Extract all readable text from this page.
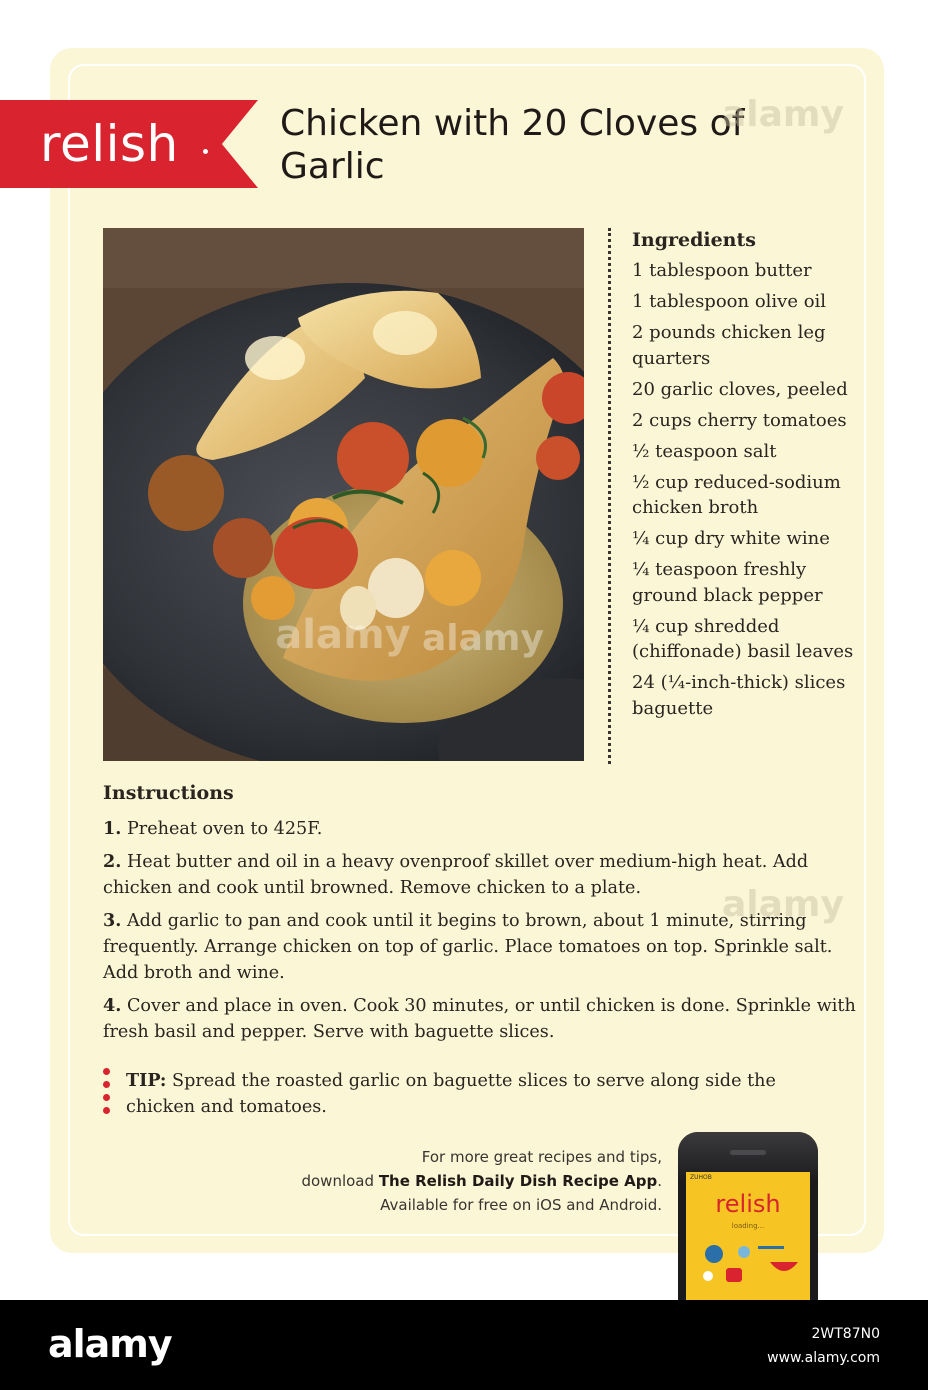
relish	Chicken with 20 Cloves of Garlic
alamy
Ingredients
1 tablespoon butter
1 tablespoon olive oil
2 pounds chicken leg quarters
20 garlic cloves, peeled
2 cups cherry tomatoes
½ teaspoon salt
½ cup reduced-sodium chicken broth
¼ cup dry white wine
¼ teaspoon freshly ground black pepper
¼ cup shredded (chiffonade) basil leaves
24 (¼-inch-thick) slices baguette
Instructions
1. Preheat oven to 425F.
2. Heat butter and oil in a heavy ovenproof skillet over medium-high heat. Add chicken and cook until browned. Remove chicken to a plate.
3. Add garlic to pan and cook until it begins to brown, about 1 minute, stirring frequently. Arrange chicken on top of garlic. Place tomatoes on top. Sprinkle salt. Add broth and wine.
4. Cover and place in oven. Cook 30 minutes, or until chicken is done. Sprinkle with fresh basil and pepper. Serve with baguette slices.
TIP: Spread the roasted garlic on baguette slices to serve along side the chicken and tomatoes.
For more great recipes and tips,
download The Relish Daily Dish Recipe App.
Available for free on iOS and Android.
ZUHOB
relish
loading...
alamy
alamy
alamy
alamy	2WT87N0
www.alamy.com
